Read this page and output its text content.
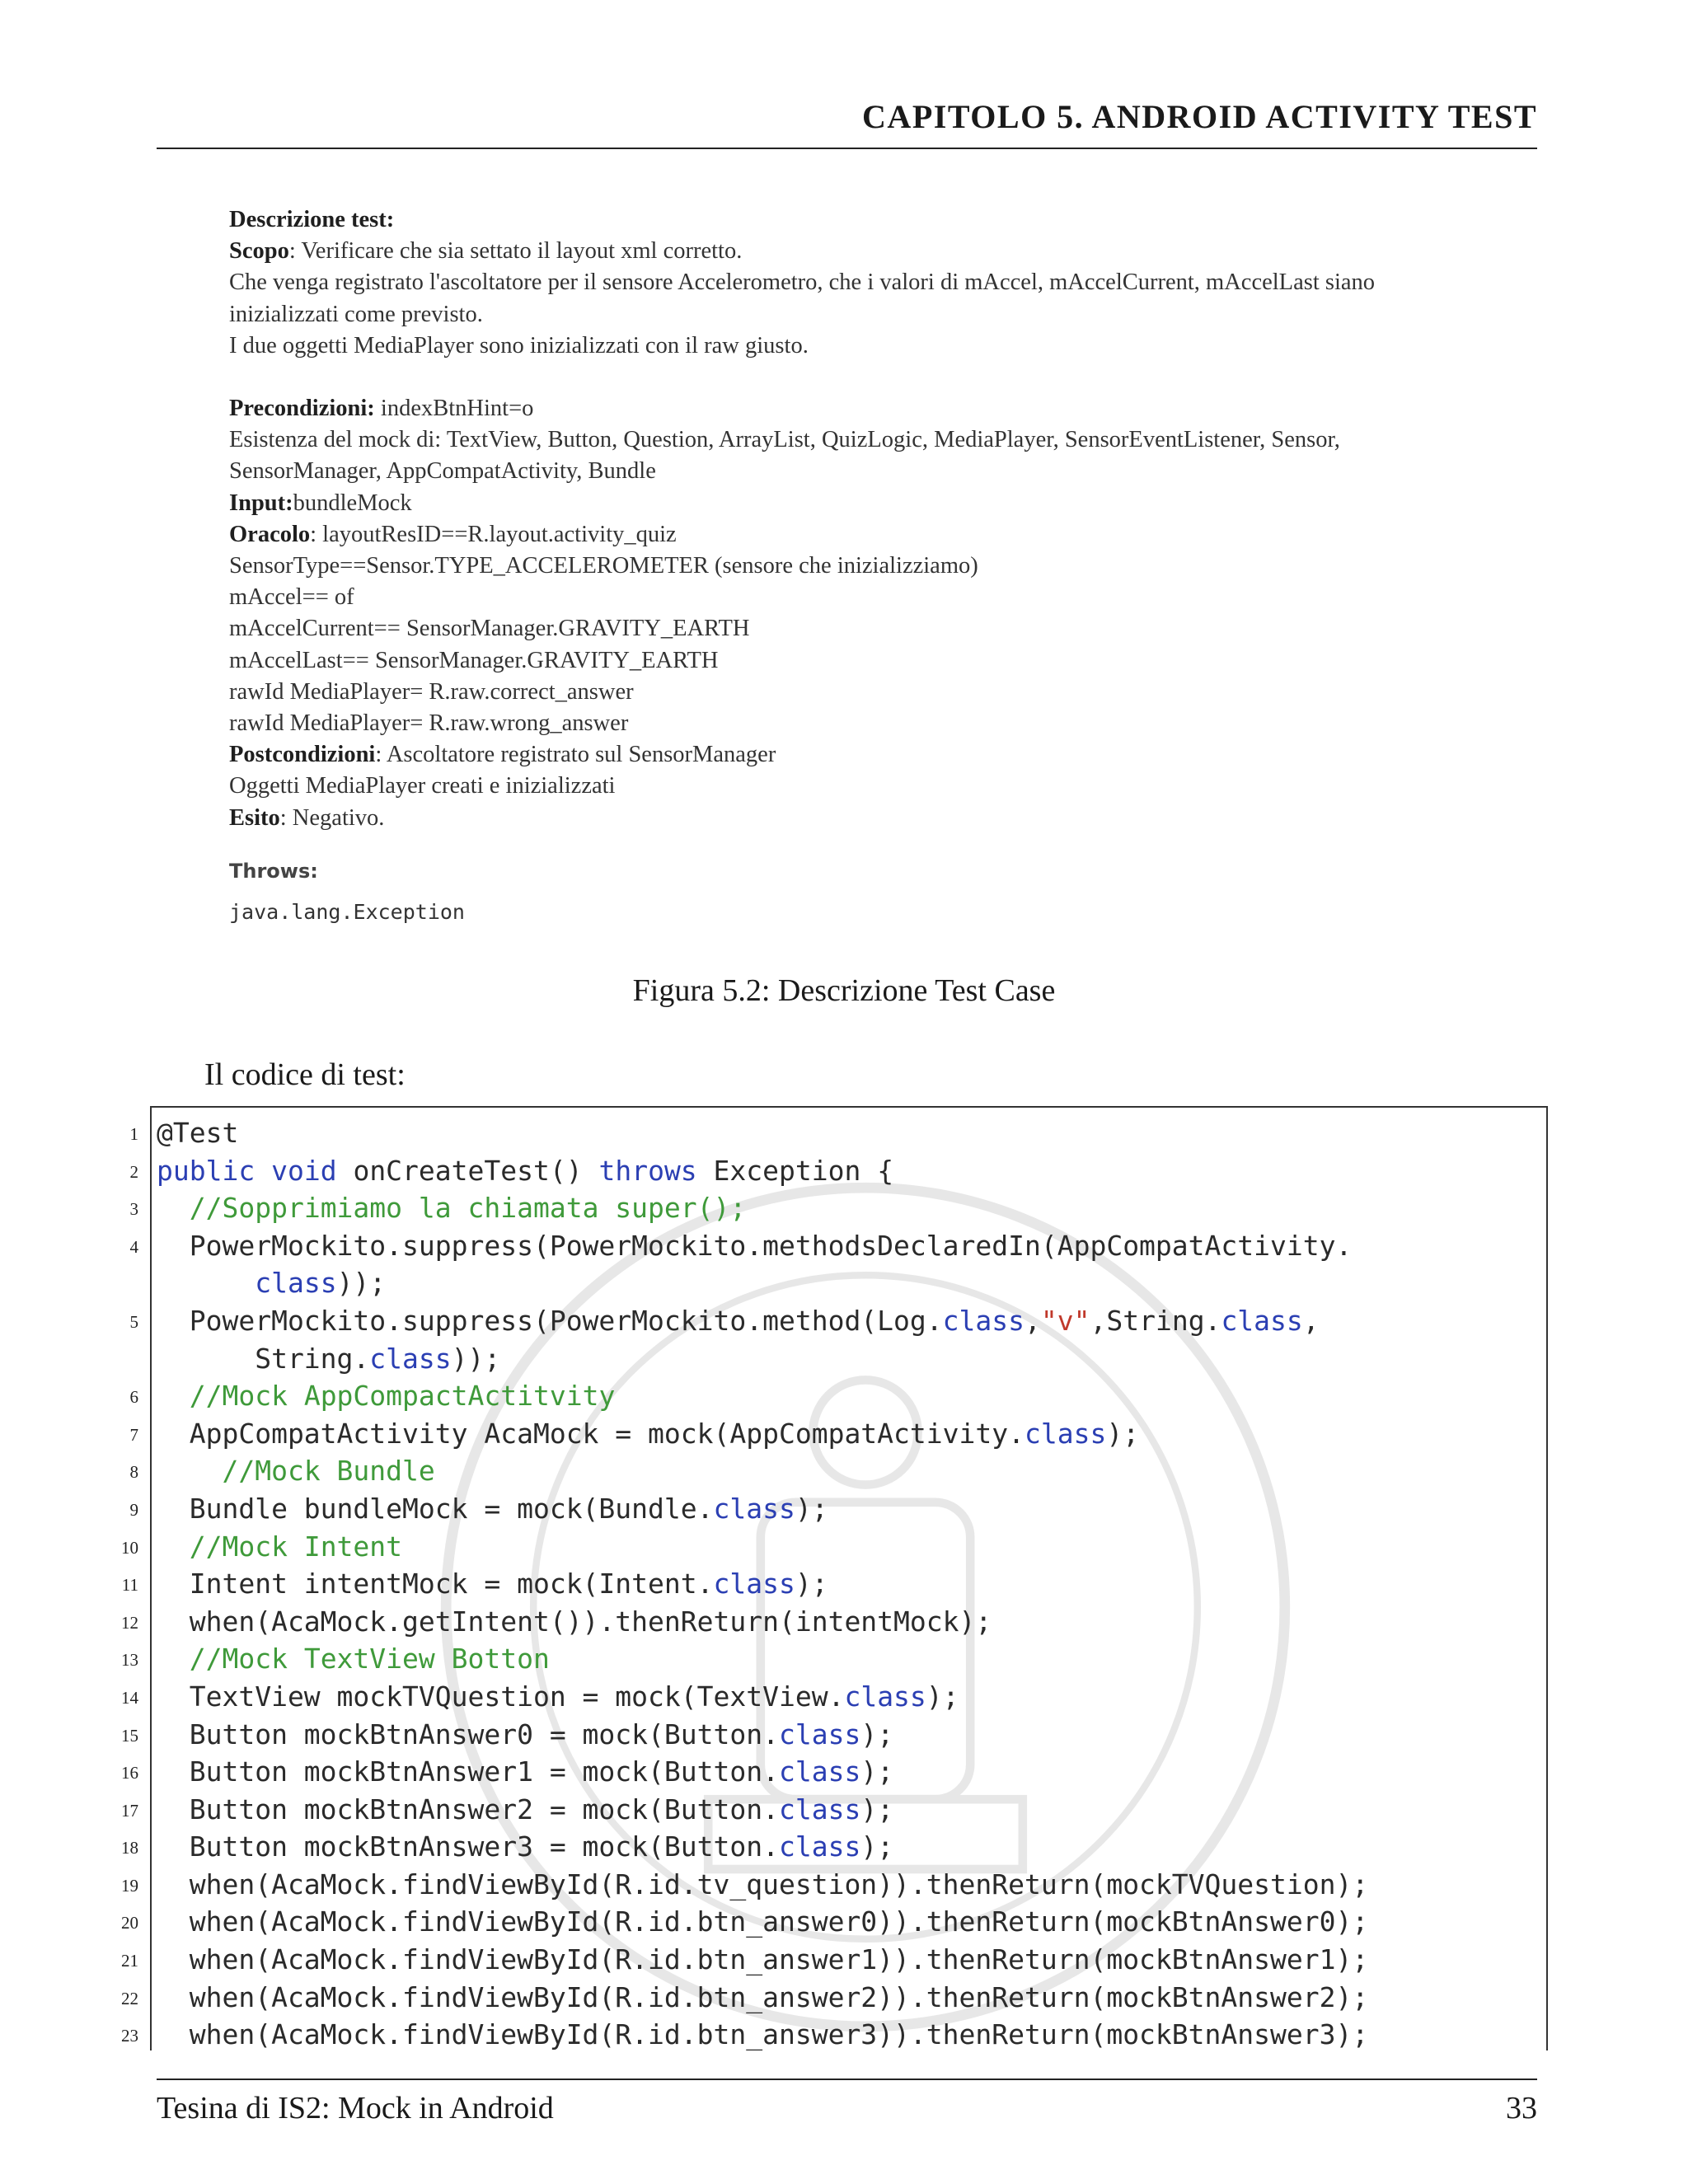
CAPITOLO 5. ANDROID ACTIVITY TEST
Descrizione test:
Scopo: Verificare che sia settato il layout xml corretto.
Che venga registrato l'ascoltatore per il sensore Accelerometro, che i valori di mAccel, mAccelCurrent, mAccelLast siano
inizializzati come previsto.
I due oggetti MediaPlayer sono inizializzati con il raw giusto.
Precondizioni: indexBtnHint=o
Esistenza del mock di: TextView, Button, Question, ArrayList, QuizLogic, MediaPlayer, SensorEventListener, Sensor,
SensorManager, AppCompatActivity, Bundle
Input:bundleMock
Oracolo: layoutResID==R.layout.activity_quiz
SensorType==Sensor.TYPE_ACCELEROMETER (sensore che inizializziamo)
mAccel== of
mAccelCurrent== SensorManager.GRAVITY_EARTH
mAccelLast== SensorManager.GRAVITY_EARTH
rawId MediaPlayer= R.raw.correct_answer
rawId MediaPlayer= R.raw.wrong_answer
Postcondizioni: Ascoltatore registrato sul SensorManager
Oggetti MediaPlayer creati e inizializzati
Esito: Negativo.
Throws:
java.lang.Exception
Figura 5.2: Descrizione Test Case
Il codice di test:
1 @Test
2 public void onCreateTest() throws Exception {
3 //Sopprimiamo la chiamata super();
4 PowerMockito.suppress(PowerMockito.methodsDeclaredIn(AppCompatActivity.
class));
5 PowerMockito.suppress(PowerMockito.method(Log.class,"v",String.class,
String.class));
6 //Mock AppCompactActitvity
7 AppCompatActivity AcaMock = mock(AppCompatActivity.class);
8	//Mock Bundle
9 Bundle bundleMock = mock(Bundle.class);
10 //Mock Intent
11 Intent intentMock = mock(Intent.class);
12 when(AcaMock.getIntent()).thenReturn(intentMock);
13 //Mock TextView Botton
14 TextView mockTVQuestion = mock(TextView.class);
15 Button mockBtnAnswer0 = mock(Button.class);
16 Button mockBtnAnswer1 = mock(Button.class);
17 Button mockBtnAnswer2 = mock(Button.class);
18 Button mockBtnAnswer3 = mock(Button.class);
19 when(AcaMock.findViewById(R.id.tv_question)).thenReturn(mockTVQuestion);
20 when(AcaMock.findViewById(R.id.btn_answer0)).thenReturn(mockBtnAnswer0);
21 when(AcaMock.findViewById(R.id.btn_answer1)).thenReturn(mockBtnAnswer1);
22 when(AcaMock.findViewById(R.id.btn_answer2)).thenReturn(mockBtnAnswer2);
23 when(AcaMock.findViewById(R.id.btn_answer3)).thenReturn(mockBtnAnswer3);
Tesina di IS2: Mock in Android	33
